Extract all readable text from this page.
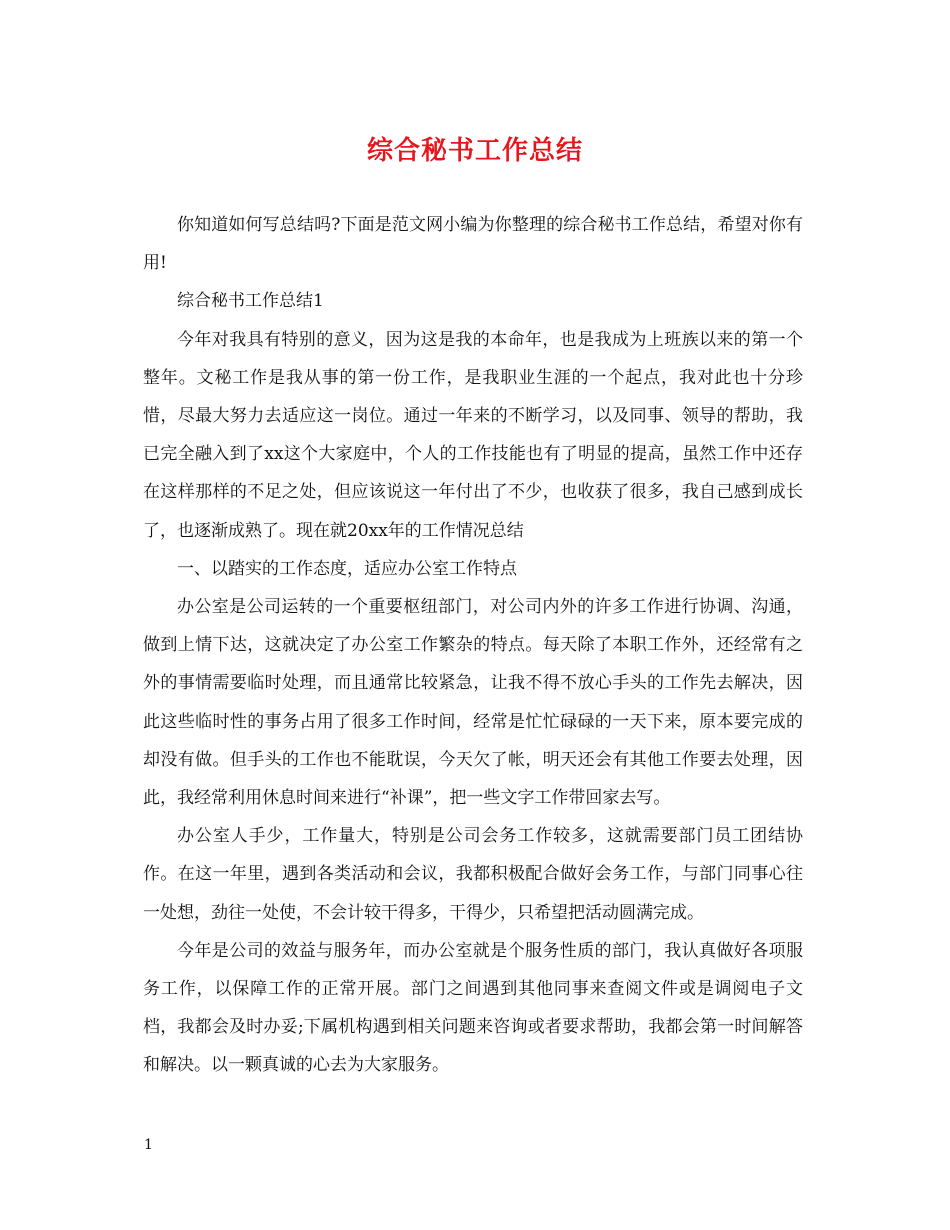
综合秘书工作总结

你知道如何写总结吗?下面是范文网小编为你整理的综合秘书工作总结，希望对你有用!

综合秘书工作总结1

今年对我具有特别的意义，因为这是我的本命年，也是我成为上班族以来的第一个整年。文秘工作是我从事的第一份工作，是我职业生涯的一个起点，我对此也十分珍惜，尽最大努力去适应这一岗位。通过一年来的不断学习，以及同事、领导的帮助，我已完全融入到了xx这个大家庭中，个人的工作技能也有了明显的提高，虽然工作中还存在这样那样的不足之处，但应该说这一年付出了不少，也收获了很多，我自己感到成长了，也逐渐成熟了。现在就20xx年的工作情况总结

一、以踏实的工作态度，适应办公室工作特点

办公室是公司运转的一个重要枢纽部门，对公司内外的许多工作进行协调、沟通，做到上情下达，这就决定了办公室工作繁杂的特点。每天除了本职工作外，还经常有之外的事情需要临时处理，而且通常比较紧急，让我不得不放心手头的工作先去解决，因此这些临时性的事务占用了很多工作时间，经常是忙忙碌碌的一天下来，原本要完成的却没有做。但手头的工作也不能耽误，今天欠了帐，明天还会有其他工作要去处理，因此，我经常利用休息时间来进行“补课”，把一些文字工作带回家去写。

办公室人手少，工作量大，特别是公司会务工作较多，这就需要部门员工团结协作。在这一年里，遇到各类活动和会议，我都积极配合做好会务工作，与部门同事心往一处想，劲往一处使，不会计较干得多，干得少，只希望把活动圆满完成。

今年是公司的效益与服务年，而办公室就是个服务性质的部门，我认真做好各项服务工作，以保障工作的正常开展。部门之间遇到其他同事来查阅文件或是调阅电子文档，我都会及时办妥;下属机构遇到相关问题来咨询或者要求帮助，我都会第一时间解答和解决。以一颗真诚的心去为大家服务。

1
